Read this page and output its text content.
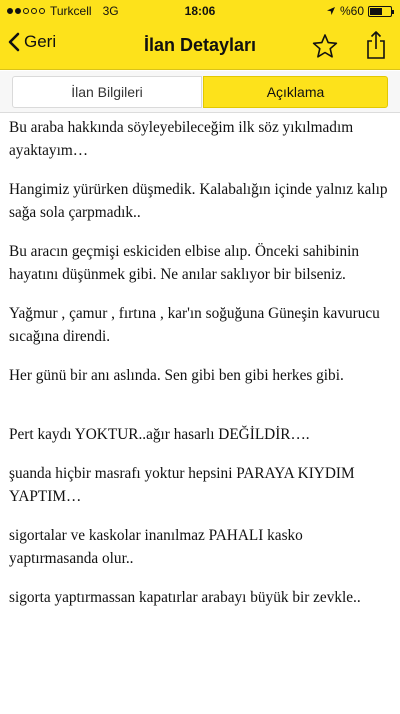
Turkcell 3G	18:06	%60
Geri	İlan Detayları
İlan Bilgileri	Açıklama

Bu araba hakkında söyleyebileceğim ilk söz yıkılmadım ayaktayım…

Hangimiz yürürken düşmedik. Kalabalığın içinde yalnız kalıp sağa sola çarpmadık..

Bu aracın geçmişi eskiciden elbise alıp. Önceki sahibinin hayatını düşünmek gibi. Ne anılar saklıyor bir bilseniz.

Yağmur , çamur , fırtına , kar'ın soğuğuna Güneşin kavurucu sıcağına direndi.

Her günü bir anı aslında. Sen gibi ben gibi herkes gibi.

Pert kaydı YOKTUR..ağır hasarlı DEĞİLDİR….

şuanda hiçbir masrafı yoktur hepsini PARAYA KIYDIM YAPTIM…

sigortalar ve kaskolar inanılmaz PAHALI kasko yaptırmasanda olur..

sigorta yaptırmassan kapatırlar arabayı büyük bir zevkle..
